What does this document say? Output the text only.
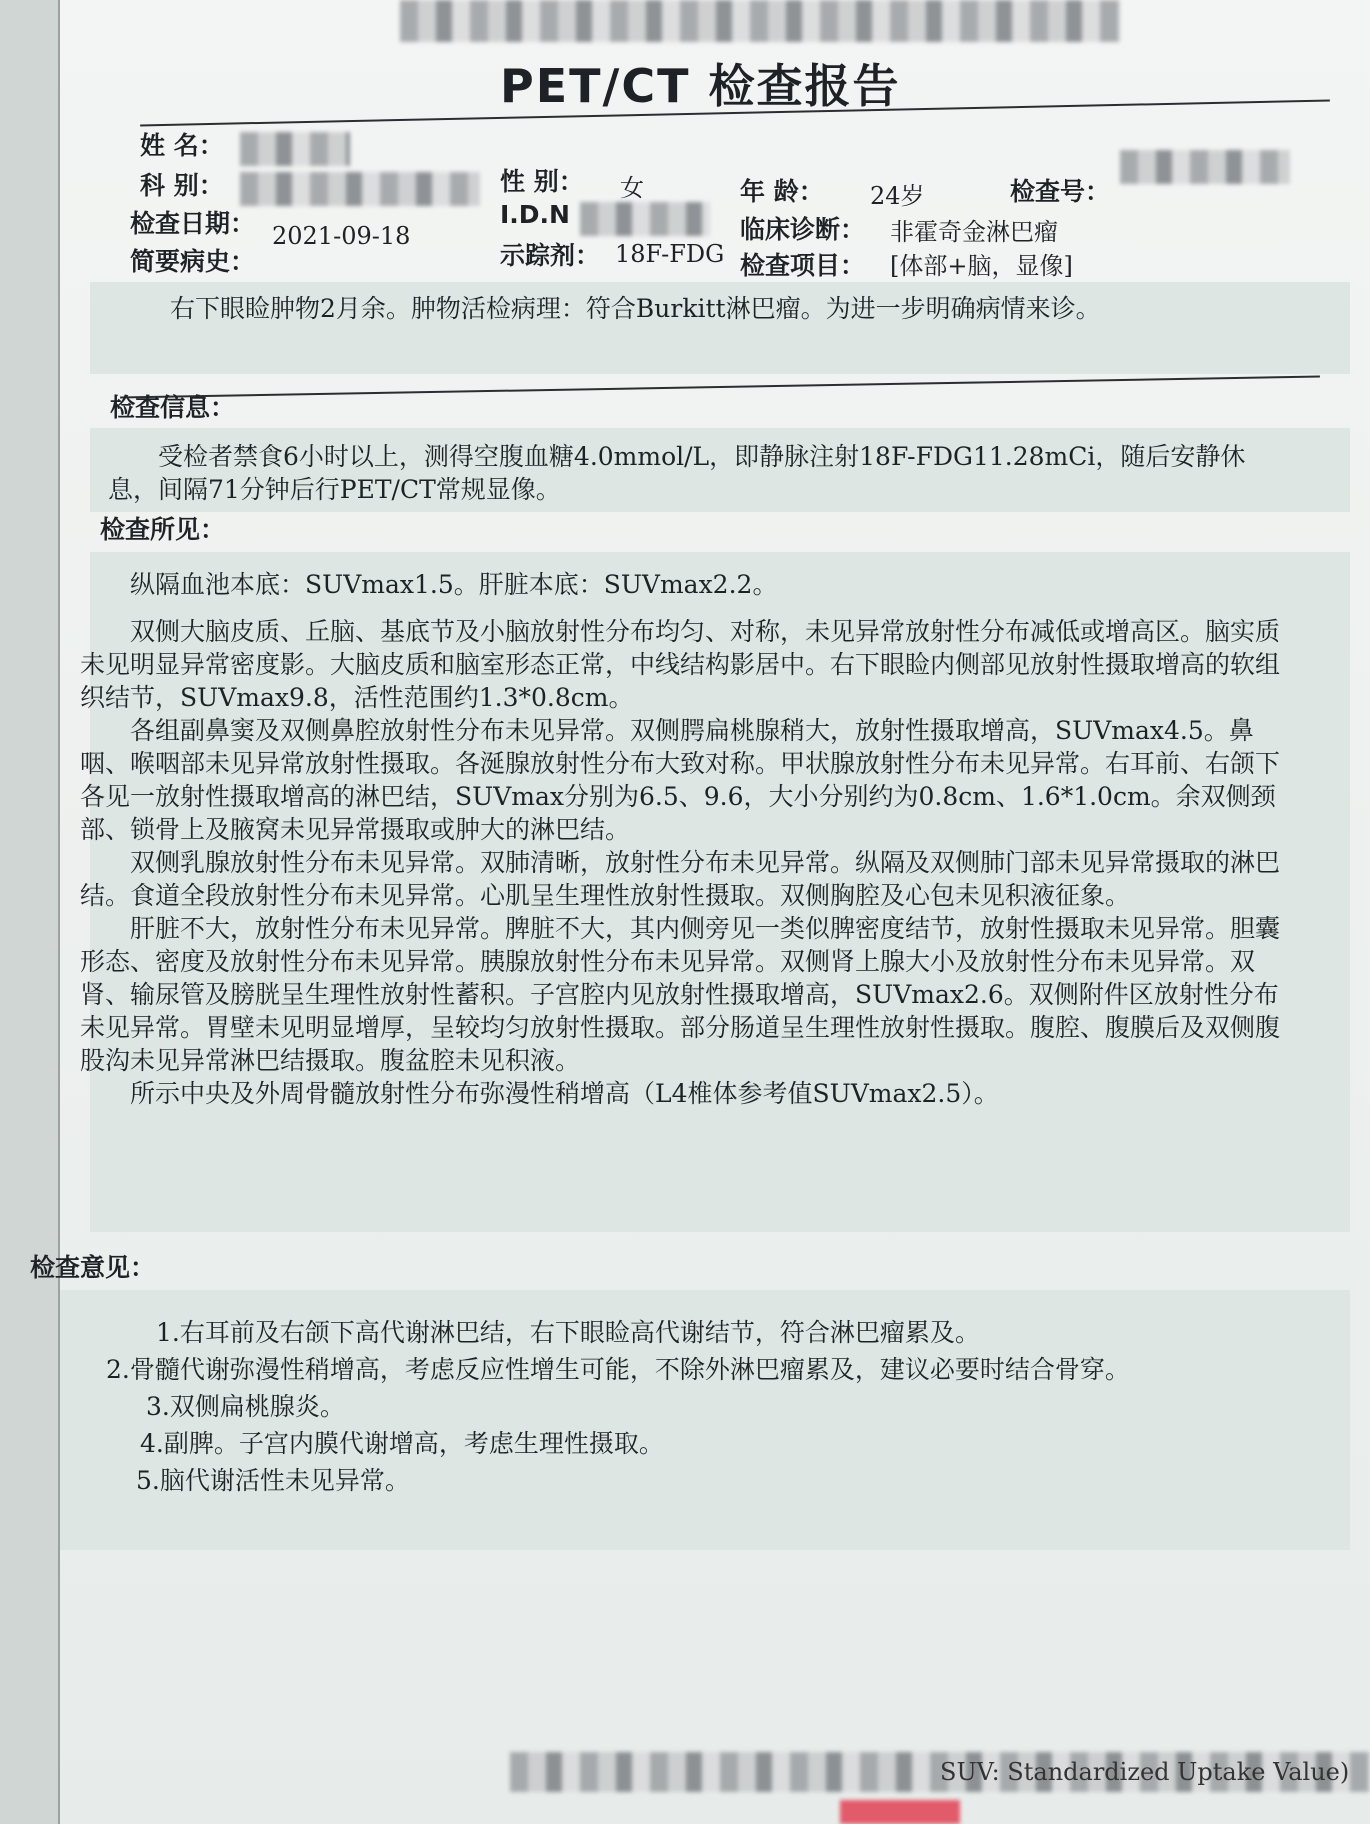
PET/CT 检查报告
姓 名：
科 别：
检查日期： 2021-09-18
简要病史：
性 别： 女
I.D.N
示踪剂： 18F-FDG
年 龄： 24岁
临床诊断： 非霍奇金淋巴瘤
检查项目： [体部+脑，显像]
检查号：

右下眼睑肿物2月余。肿物活检病理：符合Burkitt淋巴瘤。为进一步明确病情来诊。

检查信息：

受检者禁食6小时以上，测得空腹血糖4.0mmol/L，即静脉注射18F-FDG11.28mCi，随后安静休息，间隔71分钟后行PET/CT常规显像。

检查所见：

纵隔血池本底：SUVmax1.5。肝脏本底：SUVmax2.2。

双侧大脑皮质、丘脑、基底节及小脑放射性分布均匀、对称，未见异常放射性分布减低或增高区。脑实质未见明显异常密度影。大脑皮质和脑室形态正常，中线结构影居中。右下眼睑内侧部见放射性摄取增高的软组织结节，SUVmax9.8，活性范围约1.3*0.8cm。

各组副鼻窦及双侧鼻腔放射性分布未见异常。双侧腭扁桃腺稍大，放射性摄取增高，SUVmax4.5。鼻咽、喉咽部未见异常放射性摄取。各涎腺放射性分布大致对称。甲状腺放射性分布未见异常。右耳前、右颌下各见一放射性摄取增高的淋巴结，SUVmax分别为6.5、9.6，大小分别约为0.8cm、1.6*1.0cm。余双侧颈部、锁骨上及腋窝未见异常摄取或肿大的淋巴结。

双侧乳腺放射性分布未见异常。双肺清晰，放射性分布未见异常。纵隔及双侧肺门部未见异常摄取的淋巴结。食道全段放射性分布未见异常。心肌呈生理性放射性摄取。双侧胸腔及心包未见积液征象。

肝脏不大，放射性分布未见异常。脾脏不大，其内侧旁见一类似脾密度结节，放射性摄取未见异常。胆囊形态、密度及放射性分布未见异常。胰腺放射性分布未见异常。双侧肾上腺大小及放射性分布未见异常。双肾、输尿管及膀胱呈生理性放射性蓄积。子宫腔内见放射性摄取增高，SUVmax2.6。双侧附件区放射性分布未见异常。胃壁未见明显增厚，呈较均匀放射性摄取。部分肠道呈生理性放射性摄取。腹腔、腹膜后及双侧腹股沟未见异常淋巴结摄取。腹盆腔未见积液。

所示中央及外周骨髓放射性分布弥漫性稍增高（L4椎体参考值SUVmax2.5）。

检查意见：

1.右耳前及右颌下高代谢淋巴结，右下眼睑高代谢结节，符合淋巴瘤累及。

2.骨髓代谢弥漫性稍增高，考虑反应性增生可能，不除外淋巴瘤累及，建议必要时结合骨穿。

3.双侧扁桃腺炎。

4.副脾。子宫内膜代谢增高，考虑生理性摄取。

5.脑代谢活性未见异常。

SUV: Standardized Uptake Value)
